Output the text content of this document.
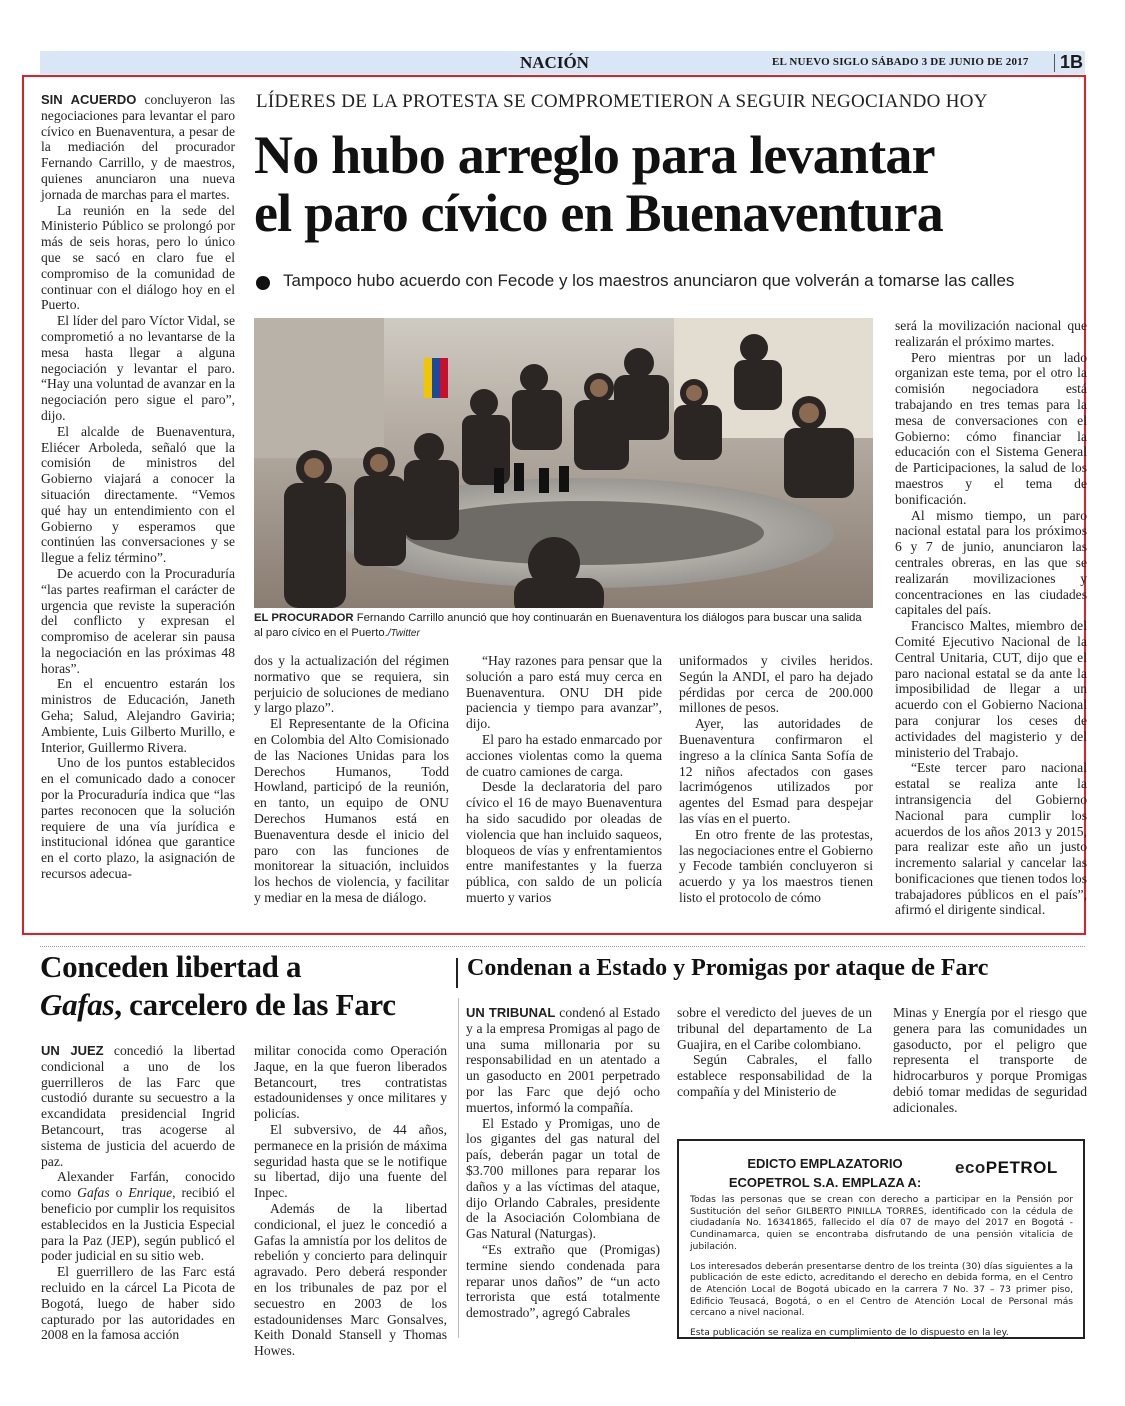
NACIÓN	EL NUEVO SIGLO SÁBADO 3 DE JUNIO DE 2017 1B
LÍDERES DE LA PROTESTA SE COMPROMETIERON A SEGUIR NEGOCIANDO HOY
No hubo arreglo para levantar
el paro cívico en Buenaventura
Tampoco hubo acuerdo con Fecode y los maestros anunciaron que volverán a tomarse las calles

SIN ACUERDO concluyeron las negociaciones para levantar el paro cívico en Buenaventura, a pesar de la mediación del procurador Fernando Carrillo, y de maestros, quienes anunciaron una nueva jornada de marchas para el martes.

La reunión en la sede del Ministerio Público se prolongó por más de seis horas, pero lo único que se sacó en claro fue el compromiso de la comunidad de continuar con el diálogo hoy en el Puerto.

El líder del paro Víctor Vidal, se comprometió a no levantarse de la mesa hasta llegar a alguna negociación y levantar el paro. “Hay una voluntad de avanzar en la negociación pero sigue el paro”, dijo.

El alcalde de Buenaventura, Eliécer Arboleda, señaló que la comisión de ministros del Gobierno viajará a conocer la situación directamente. “Vemos qué hay un entendimiento con el Gobierno y esperamos que continúen las conversaciones y se llegue a feliz término”.

De acuerdo con la Procuraduría “las partes reafirman el carácter de urgencia que reviste la superación del conflicto y expresan el compromiso de acelerar sin pausa la negociación en las próximas 48 horas”.

En el encuentro estarán los ministros de Educación, Janeth Geha; Salud, Alejandro Gaviria; Ambiente, Luis Gilberto Murillo, e Interior, Guillermo Rivera.

Uno de los puntos establecidos en el comunicado dado a conocer por la Procuraduría indica que “las partes reconocen que la solución requiere de una vía jurídica e institucional idónea que garantice en el corto plazo, la asignación de recursos adecua-

EL PROCURADOR Fernando Carrillo anunció que hoy continuarán en Buenaventura los diálogos para buscar una salida al paro cívico en el Puerto./Twitter

dos y la actualización del régimen normativo que se requiera, sin perjuicio de soluciones de mediano y largo plazo”.

El Representante de la Oficina en Colombia del Alto Comisionado de las Naciones Unidas para los Derechos Humanos, Todd Howland, participó de la reunión, en tanto, un equipo de ONU Derechos Humanos está en Buenaventura desde el inicio del paro con las funciones de monitorear la situación, incluidos los hechos de violencia, y facilitar y mediar en la mesa de diálogo.

“Hay razones para pensar que la solución a paro está muy cerca en Buenaventura. ONU DH pide paciencia y tiempo para avanzar”, dijo.

El paro ha estado enmarcado por acciones violentas como la quema de cuatro camiones de carga.

Desde la declaratoria del paro cívico el 16 de mayo Buenaventura ha sido sacudido por oleadas de violencia que han incluido saqueos, bloqueos de vías y enfrentamientos entre manifestantes y la fuerza pública, con saldo de un policía muerto y varios

uniformados y civiles heridos. Según la ANDI, el paro ha dejado pérdidas por cerca de 200.000 millones de pesos.

Ayer, las autoridades de Buenaventura confirmaron el ingreso a la clínica Santa Sofía de 12 niños afectados con gases lacrimógenos utilizados por agentes del Esmad para despejar las vías en el puerto.

En otro frente de las protestas, las negociaciones entre el Gobierno y Fecode también concluyeron si acuerdo y ya los maestros tienen listo el protocolo de cómo

será la movilización nacional que realizarán el próximo martes.

Pero mientras por un lado organizan este tema, por el otro la comisión negociadora está trabajando en tres temas para la mesa de conversaciones con el Gobierno: cómo financiar la educación con el Sistema General de Participaciones, la salud de los maestros y el tema de bonificación.

Al mismo tiempo, un paro nacional estatal para los próximos 6 y 7 de junio, anunciaron las centrales obreras, en las que se realizarán movilizaciones y concentraciones en las ciudades capitales del país.

Francisco Maltes, miembro del Comité Ejecutivo Nacional de la Central Unitaria, CUT, dijo que el paro nacional estatal se da ante la imposibilidad de llegar a un acuerdo con el Gobierno Nacional para conjurar los ceses de actividades del magisterio y del ministerio del Trabajo.

“Este tercer paro nacional estatal se realiza ante la intransigencia del Gobierno Nacional para cumplir los acuerdos de los años 2013 y 2015, para realizar este año un justo incremento salarial y cancelar las bonificaciones que tienen todos los trabajadores públicos en el país”, afirmó el dirigente sindical.

Conceden libertad a
Gafas, carcelero de las Farc

UN JUEZ concedió la libertad condicional a uno de los guerrilleros de las Farc que custodió durante su secuestro a la excandidata presidencial Ingrid Betancourt, tras acogerse al sistema de justicia del acuerdo de paz.

Alexander Farfán, conocido como Gafas o Enrique, recibió el beneficio por cumplir los requisitos establecidos en la Justicia Especial para la Paz (JEP), según publicó el poder judicial en su sitio web.

El guerrillero de las Farc está recluido en la cárcel La Picota de Bogotá, luego de haber sido capturado por las autoridades en 2008 en la famosa acción

militar conocida como Operación Jaque, en la que fueron liberados Betancourt, tres contratistas estadounidenses y once militares y policías.

El subversivo, de 44 años, permanece en la prisión de máxima seguridad hasta que se le notifique su libertad, dijo una fuente del Inpec.

Además de la libertad condicional, el juez le concedió a Gafas la amnistía por los delitos de rebelión y concierto para delinquir agravado. Pero deberá responder en los tribunales de paz por el secuestro en 2003 de los estadounidenses Marc Gonsalves, Keith Donald Stansell y Thomas Howes.

Condenan a Estado y Promigas por ataque de Farc

UN TRIBUNAL condenó al Estado y a la empresa Promigas al pago de una suma millonaria por su responsabilidad en un atentado a un gasoducto en 2001 perpetrado por las Farc que dejó ocho muertos, informó la compañía.

El Estado y Promigas, uno de los gigantes del gas natural del país, deberán pagar un total de $3.700 millones para reparar los daños y a las víctimas del ataque, dijo Orlando Cabrales, presidente de la Asociación Colombiana de Gas Natural (Naturgas).

“Es extraño que (Promigas) termine siendo condenada para reparar unos daños” de “un acto terrorista que está totalmente demostrado”, agregó Cabrales

sobre el veredicto del jueves de un tribunal del departamento de La Guajira, en el Caribe colombiano.

Según Cabrales, el fallo establece responsabilidad de la compañía y del Ministerio de

Minas y Energía por el riesgo que genera para las comunidades un gasoducto, por el peligro que representa el transporte de hidrocarburos y porque Promigas debió tomar medidas de seguridad adicionales.

EDICTO EMPLAZATORIO
ECOPETROL S.A. EMPLAZA A:
ecoPETROL

Todas las personas que se crean con derecho a participar en la Pensión por Sustitución del señor GILBERTO PINILLA TORRES, identificado con la cédula de ciudadanía No. 16341865, fallecido el día 07 de mayo del 2017 en Bogotá - Cundinamarca, quien se encontraba disfrutando de una pensión vitalicia de jubilación.

Los interesados deberán presentarse dentro de los treinta (30) días siguientes a la publicación de este edicto, acreditando el derecho en debida forma, en el Centro de Atención Local de Bogotá ubicado en la carrera 7 No. 37 – 73 primer piso, Edificio Teusacá, Bogotá, o en el Centro de Atención Local de Personal más cercano a nivel nacional.

Esta publicación se realiza en cumplimiento de lo dispuesto en la ley.
